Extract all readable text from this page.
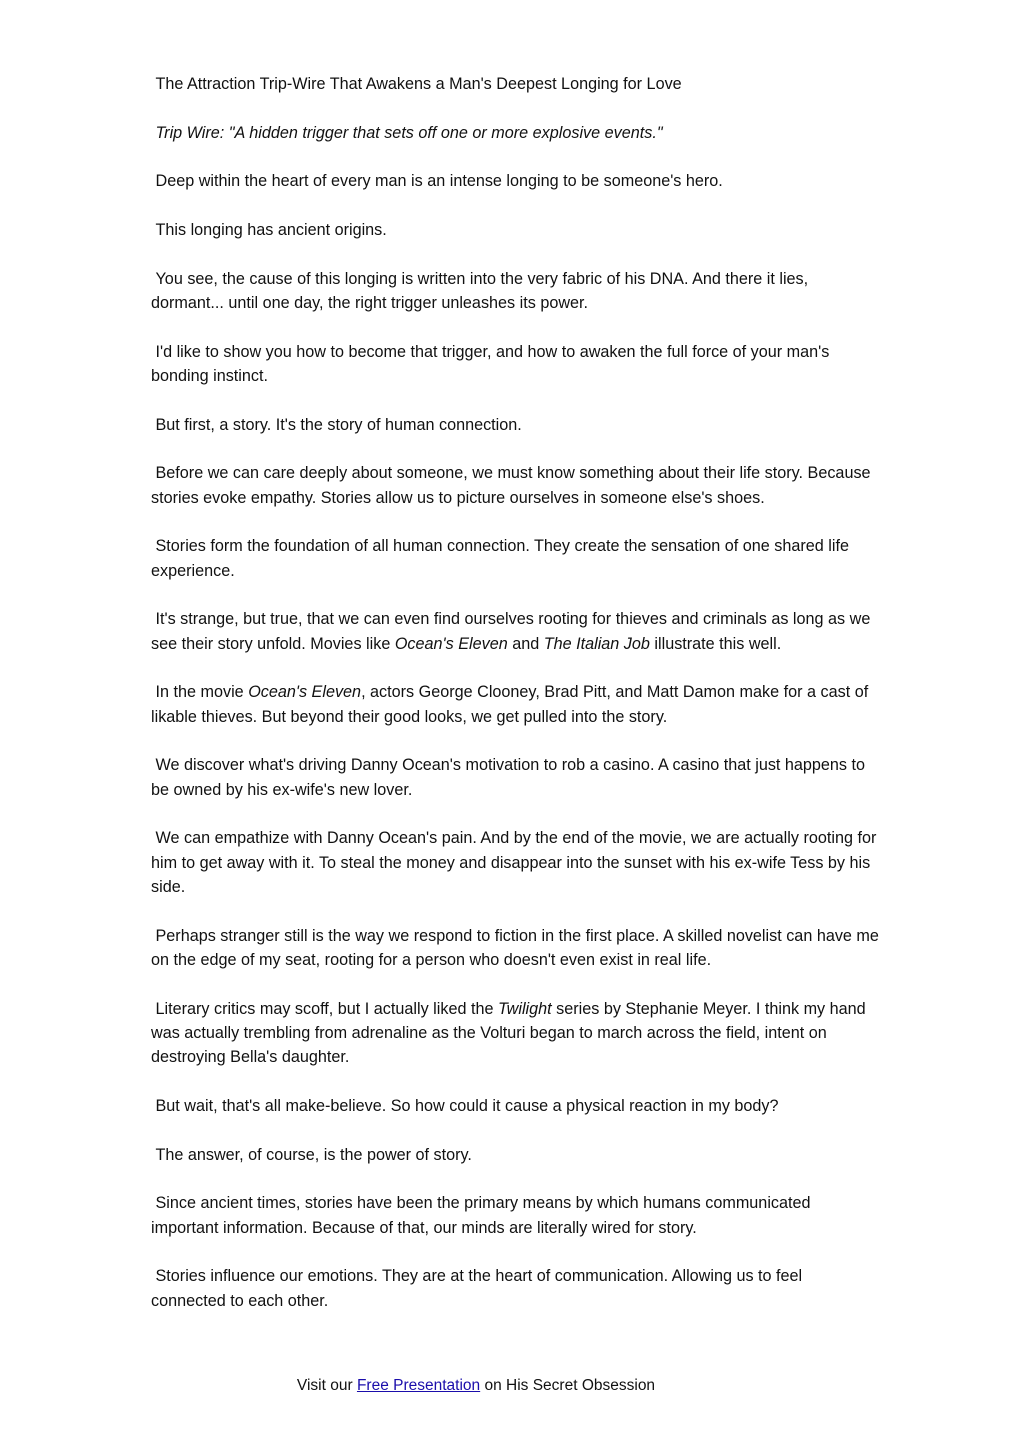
The Attraction Trip-Wire That Awakens a Man's Deepest Longing for Love

Trip Wire: "A hidden trigger that sets off one or more explosive events."

Deep within the heart of every man is an intense longing to be someone's hero.

This longing has ancient origins.

You see, the cause of this longing is written into the very fabric of his DNA. And there it lies, dormant... until one day, the right trigger unleashes its power.

I'd like to show you how to become that trigger, and how to awaken the full force of your man's bonding instinct.

But first, a story. It's the story of human connection.

Before we can care deeply about someone, we must know something about their life story. Because stories evoke empathy. Stories allow us to picture ourselves in someone else's shoes.

Stories form the foundation of all human connection. They create the sensation of one shared life experience.

It's strange, but true, that we can even find ourselves rooting for thieves and criminals as long as we see their story unfold. Movies like Ocean's Eleven and The Italian Job illustrate this well.

In the movie Ocean's Eleven, actors George Clooney, Brad Pitt, and Matt Damon make for a cast of likable thieves. But beyond their good looks, we get pulled into the story.

We discover what's driving Danny Ocean's motivation to rob a casino. A casino that just happens to be owned by his ex-wife's new lover.

We can empathize with Danny Ocean's pain. And by the end of the movie, we are actually rooting for him to get away with it. To steal the money and disappear into the sunset with his ex-wife Tess by his side.

Perhaps stranger still is the way we respond to fiction in the first place. A skilled novelist can have me on the edge of my seat, rooting for a person who doesn't even exist in real life.

Literary critics may scoff, but I actually liked the Twilight series by Stephanie Meyer. I think my hand was actually trembling from adrenaline as the Volturi began to march across the field, intent on destroying Bella's daughter.

But wait, that's all make-believe. So how could it cause a physical reaction in my body?

The answer, of course, is the power of story.

Since ancient times, stories have been the primary means by which humans communicated important information. Because of that, our minds are literally wired for story.

Stories influence our emotions. They are at the heart of communication. Allowing us to feel connected to each other.

Visit our Free Presentation on His Secret Obsession
